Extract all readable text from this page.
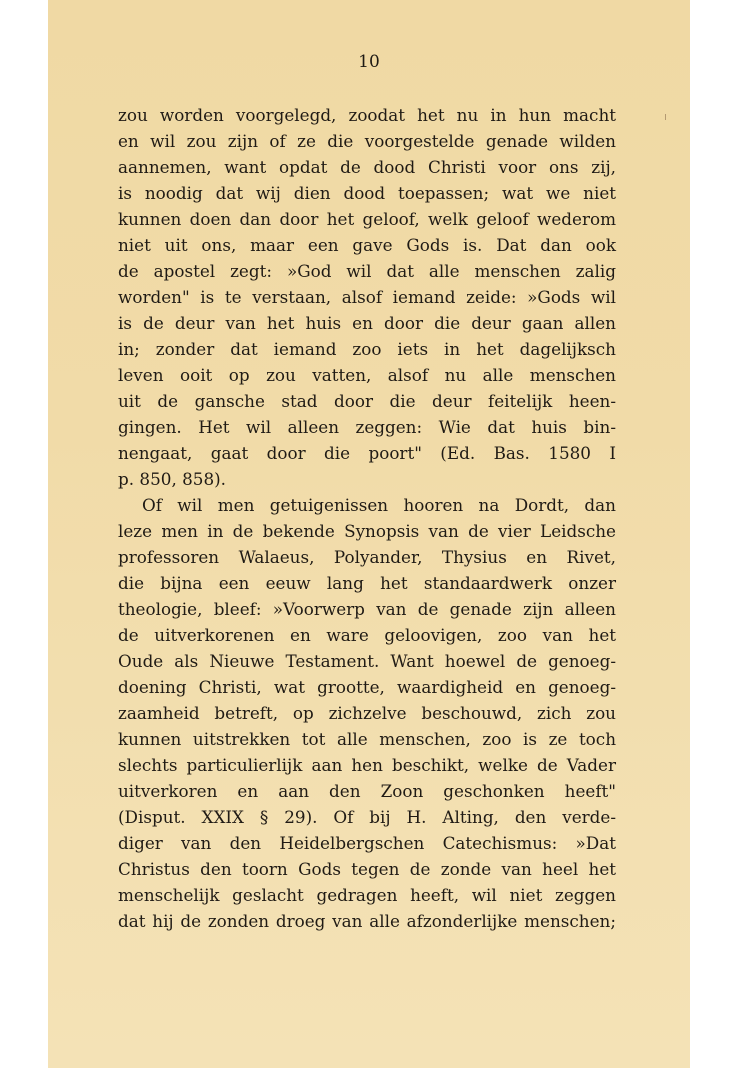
10
zou worden voorgelegd, zoodat het nu in hun macht
en wil zou zijn of ze die voorgestelde genade wilden
aannemen, want opdat de dood Christi voor ons zij,
is noodig dat wij dien dood toepassen; wat we niet
kunnen doen dan door het geloof, welk geloof wederom
niet uit ons, maar een gave Gods is. Dat dan ook
de apostel zegt: »God wil dat alle menschen zalig
worden" is te verstaan, alsof iemand zeide: »Gods wil
is de deur van het huis en door die deur gaan allen
in; zonder dat iemand zoo iets in het dagelijksch
leven ooit op zou vatten, alsof nu alle menschen
uit de gansche stad door die deur feitelijk heen-
gingen. Het wil alleen zeggen: Wie dat huis bin-
nengaat, gaat door die poort" (Ed. Bas. 1580 I
p. 850, 858).
Of wil men getuigenissen hooren na Dordt, dan
leze men in de bekende Synopsis van de vier Leidsche
professoren Walaeus, Polyander, Thysius en Rivet,
die bijna een eeuw lang het standaardwerk onzer
theologie, bleef: »Voorwerp van de genade zijn alleen
de uitverkorenen en ware geloovigen, zoo van het
Oude als Nieuwe Testament. Want hoewel de genoeg-
doening Christi, wat grootte, waardigheid en genoeg-
zaamheid betreft, op zichzelve beschouwd, zich zou
kunnen uitstrekken tot alle menschen, zoo is ze toch
slechts particulierlijk aan hen beschikt, welke de Vader
uitverkoren en aan den Zoon geschonken heeft"
(Disput. XXIX § 29). Of bij H. Alting, den verde-
diger van den Heidelbergschen Catechismus: »Dat
Christus den toorn Gods tegen de zonde van heel het
menschelijk geslacht gedragen heeft, wil niet zeggen
dat hij de zonden droeg van alle afzonderlijke menschen;
